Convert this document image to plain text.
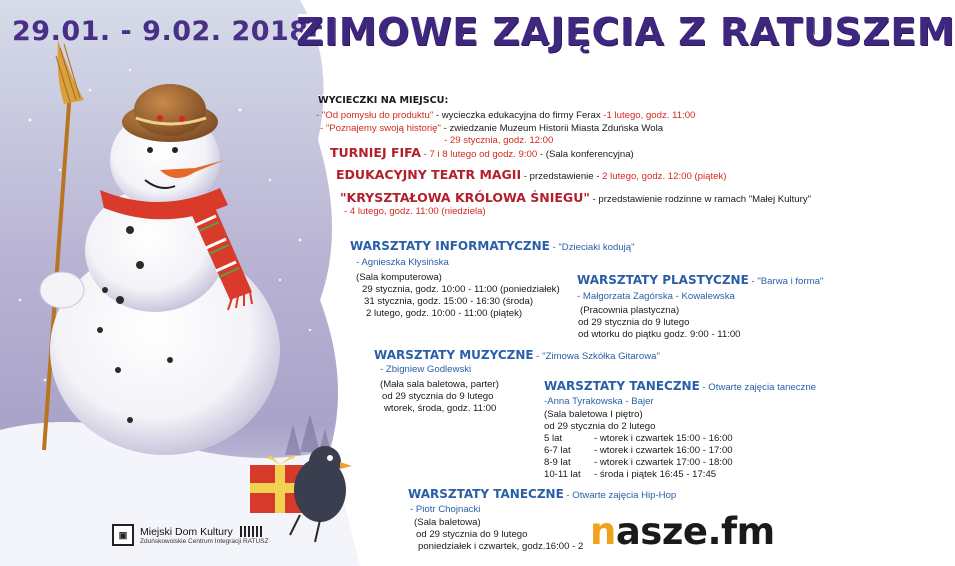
29.01. - 9.02. 2018r
ZIMOWE ZAJĘCIA Z RATUSZEM
WYCIECZKI NA MIEJSCU:
- "Od pomysłu do produktu" - wycieczka edukacyjna do firmy Ferax -1 lutego, godz. 11:00
- "Poznajemy swoją historię" - zwiedzanie Muzeum Historii Miasta Zduńska Wola
- 29 stycznia, godz. 12:00
TURNIEJ FIFA - 7 i 8 lutego od godz. 9:00 - (Sala konferencyjna)
EDUKACYJNY TEATR MAGII - przedstawienie - 2 lutego, godz. 12:00 (piątek)
"KRYSZTAŁOWA KRÓLOWA ŚNIEGU" - przedstawienie rodzinne w ramach "Małej Kultury"
- 4 lutego, godz. 11:00 (niedziela)
WARSZTATY INFORMATYCZNE - "Dzieciaki kodują"
- Agnieszka Kłysińska
(Sala komputerowa)
29 stycznia, godz. 10:00 - 11:00 (poniedziałek)
31 stycznia, godz. 15:00 - 16:30 (środa)
2 lutego, godz. 10:00 - 11:00 (piątek)
WARSZTATY PLASTYCZNE - "Barwa i forma"
- Małgorzata Zagórska - Kowalewska
(Pracownia plastyczna)
od 29 stycznia do 9 lutego
od wtorku do piątku godz. 9:00 - 11:00
WARSZTATY MUZYCZNE - "Zimowa Szkółka Gitarowa"
- Zbigniew Godlewski
(Mała sala baletowa, parter)
od 29 stycznia do 9 lutego
wtorek, środa, godz. 11:00
WARSZTATY TANECZNE - Otwarte zajęcia taneczne
-Anna Tyrakowska - Bajer
(Sala baletowa I piętro)
od 29 stycznia do 2 lutego
5 lat	- wtorek i czwartek 15:00 - 16:00
6-7 lat - wtorek i czwartek 16:00 - 17:00
8-9 lat - wtorek i czwartek 17:00 - 18:00
10-11 lat - środa i piątek 16:45 - 17:45
WARSZTATY TANECZNE - Otwarte zajęcia Hip-Hop
- Piotr Chojnacki
(Sala baletowa)
od 29 stycznia do 9 lutego
poniedziałek i czwartek, godz.16:00 - 2
▣	Miejski Dom Kultury
Zduńskowolskie Centrum Integracji RATUSZ	nasze.fm
